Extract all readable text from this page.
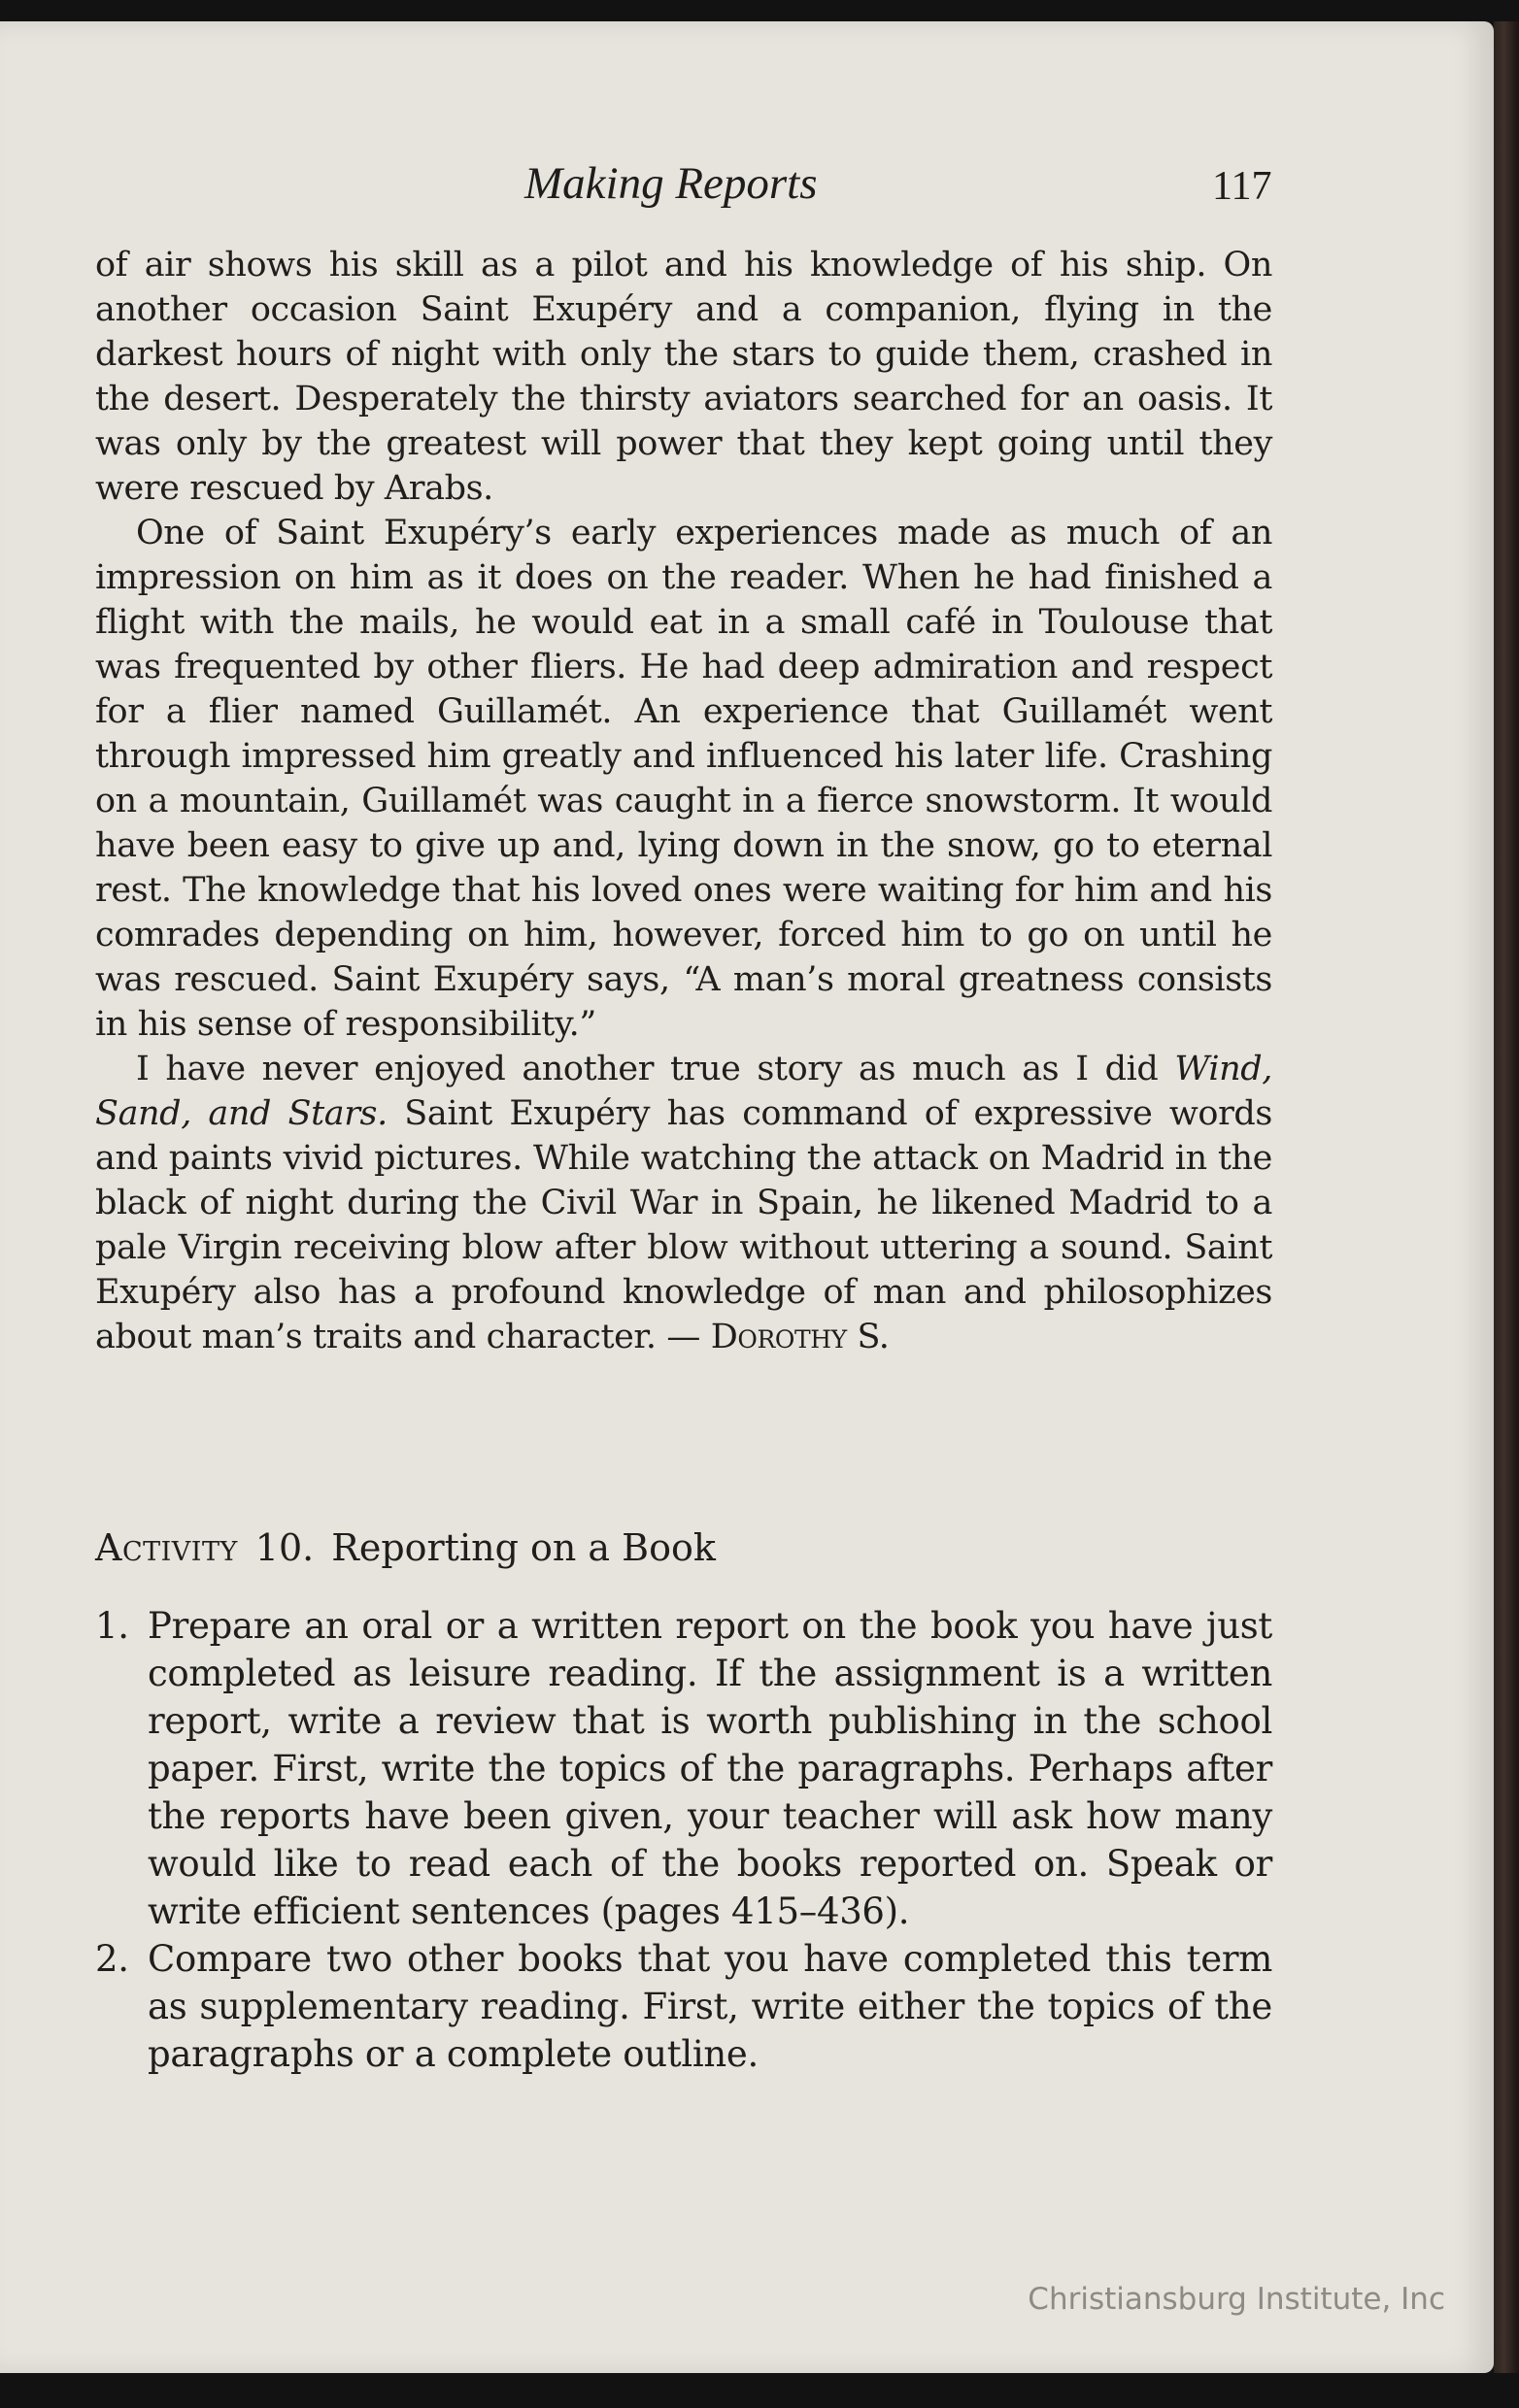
Making Reports	117

of air shows his skill as a pilot and his knowledge of his ship. On another occasion Saint Exupéry and a companion, flying in the darkest hours of night with only the stars to guide them, crashed in the desert. Desperately the thirsty aviators searched for an oasis. It was only by the greatest will power that they kept going until they were rescued by Arabs.

One of Saint Exupéry’s early experiences made as much of an impression on him as it does on the reader. When he had finished a flight with the mails, he would eat in a small café in Toulouse that was frequented by other fliers. He had deep admiration and respect for a flier named Guillamét. An experience that Guillamét went through impressed him greatly and influenced his later life. Crashing on a mountain, Guillamét was caught in a fierce snowstorm. It would have been easy to give up and, lying down in the snow, go to eternal rest. The knowledge that his loved ones were waiting for him and his comrades depending on him, however, forced him to go on until he was rescued. Saint Exupéry says, “A man’s moral greatness consists in his sense of responsibility.”

I have never enjoyed another true story as much as I did Wind, Sand, and Stars. Saint Exupéry has command of expressive words and paints vivid pictures. While watching the attack on Madrid in the black of night during the Civil War in Spain, he likened Madrid to a pale Virgin receiving blow after blow without uttering a sound. Saint Exupéry also has a profound knowledge of man and philosophizes about man’s traits and character. — Dorothy S.

Activity 10. Reporting on a Book
1. Prepare an oral or a written report on the book you have just completed as leisure reading. If the assignment is a written report, write a review that is worth publishing in the school paper. First, write the topics of the paragraphs. Perhaps after the reports have been given, your teacher will ask how many would like to read each of the books reported on. Speak or write efficient sentences (pages 415–436).
2. Compare two other books that you have completed this term as supplementary reading. First, write either the topics of the paragraphs or a complete outline.
Christiansburg Institute, Inc
